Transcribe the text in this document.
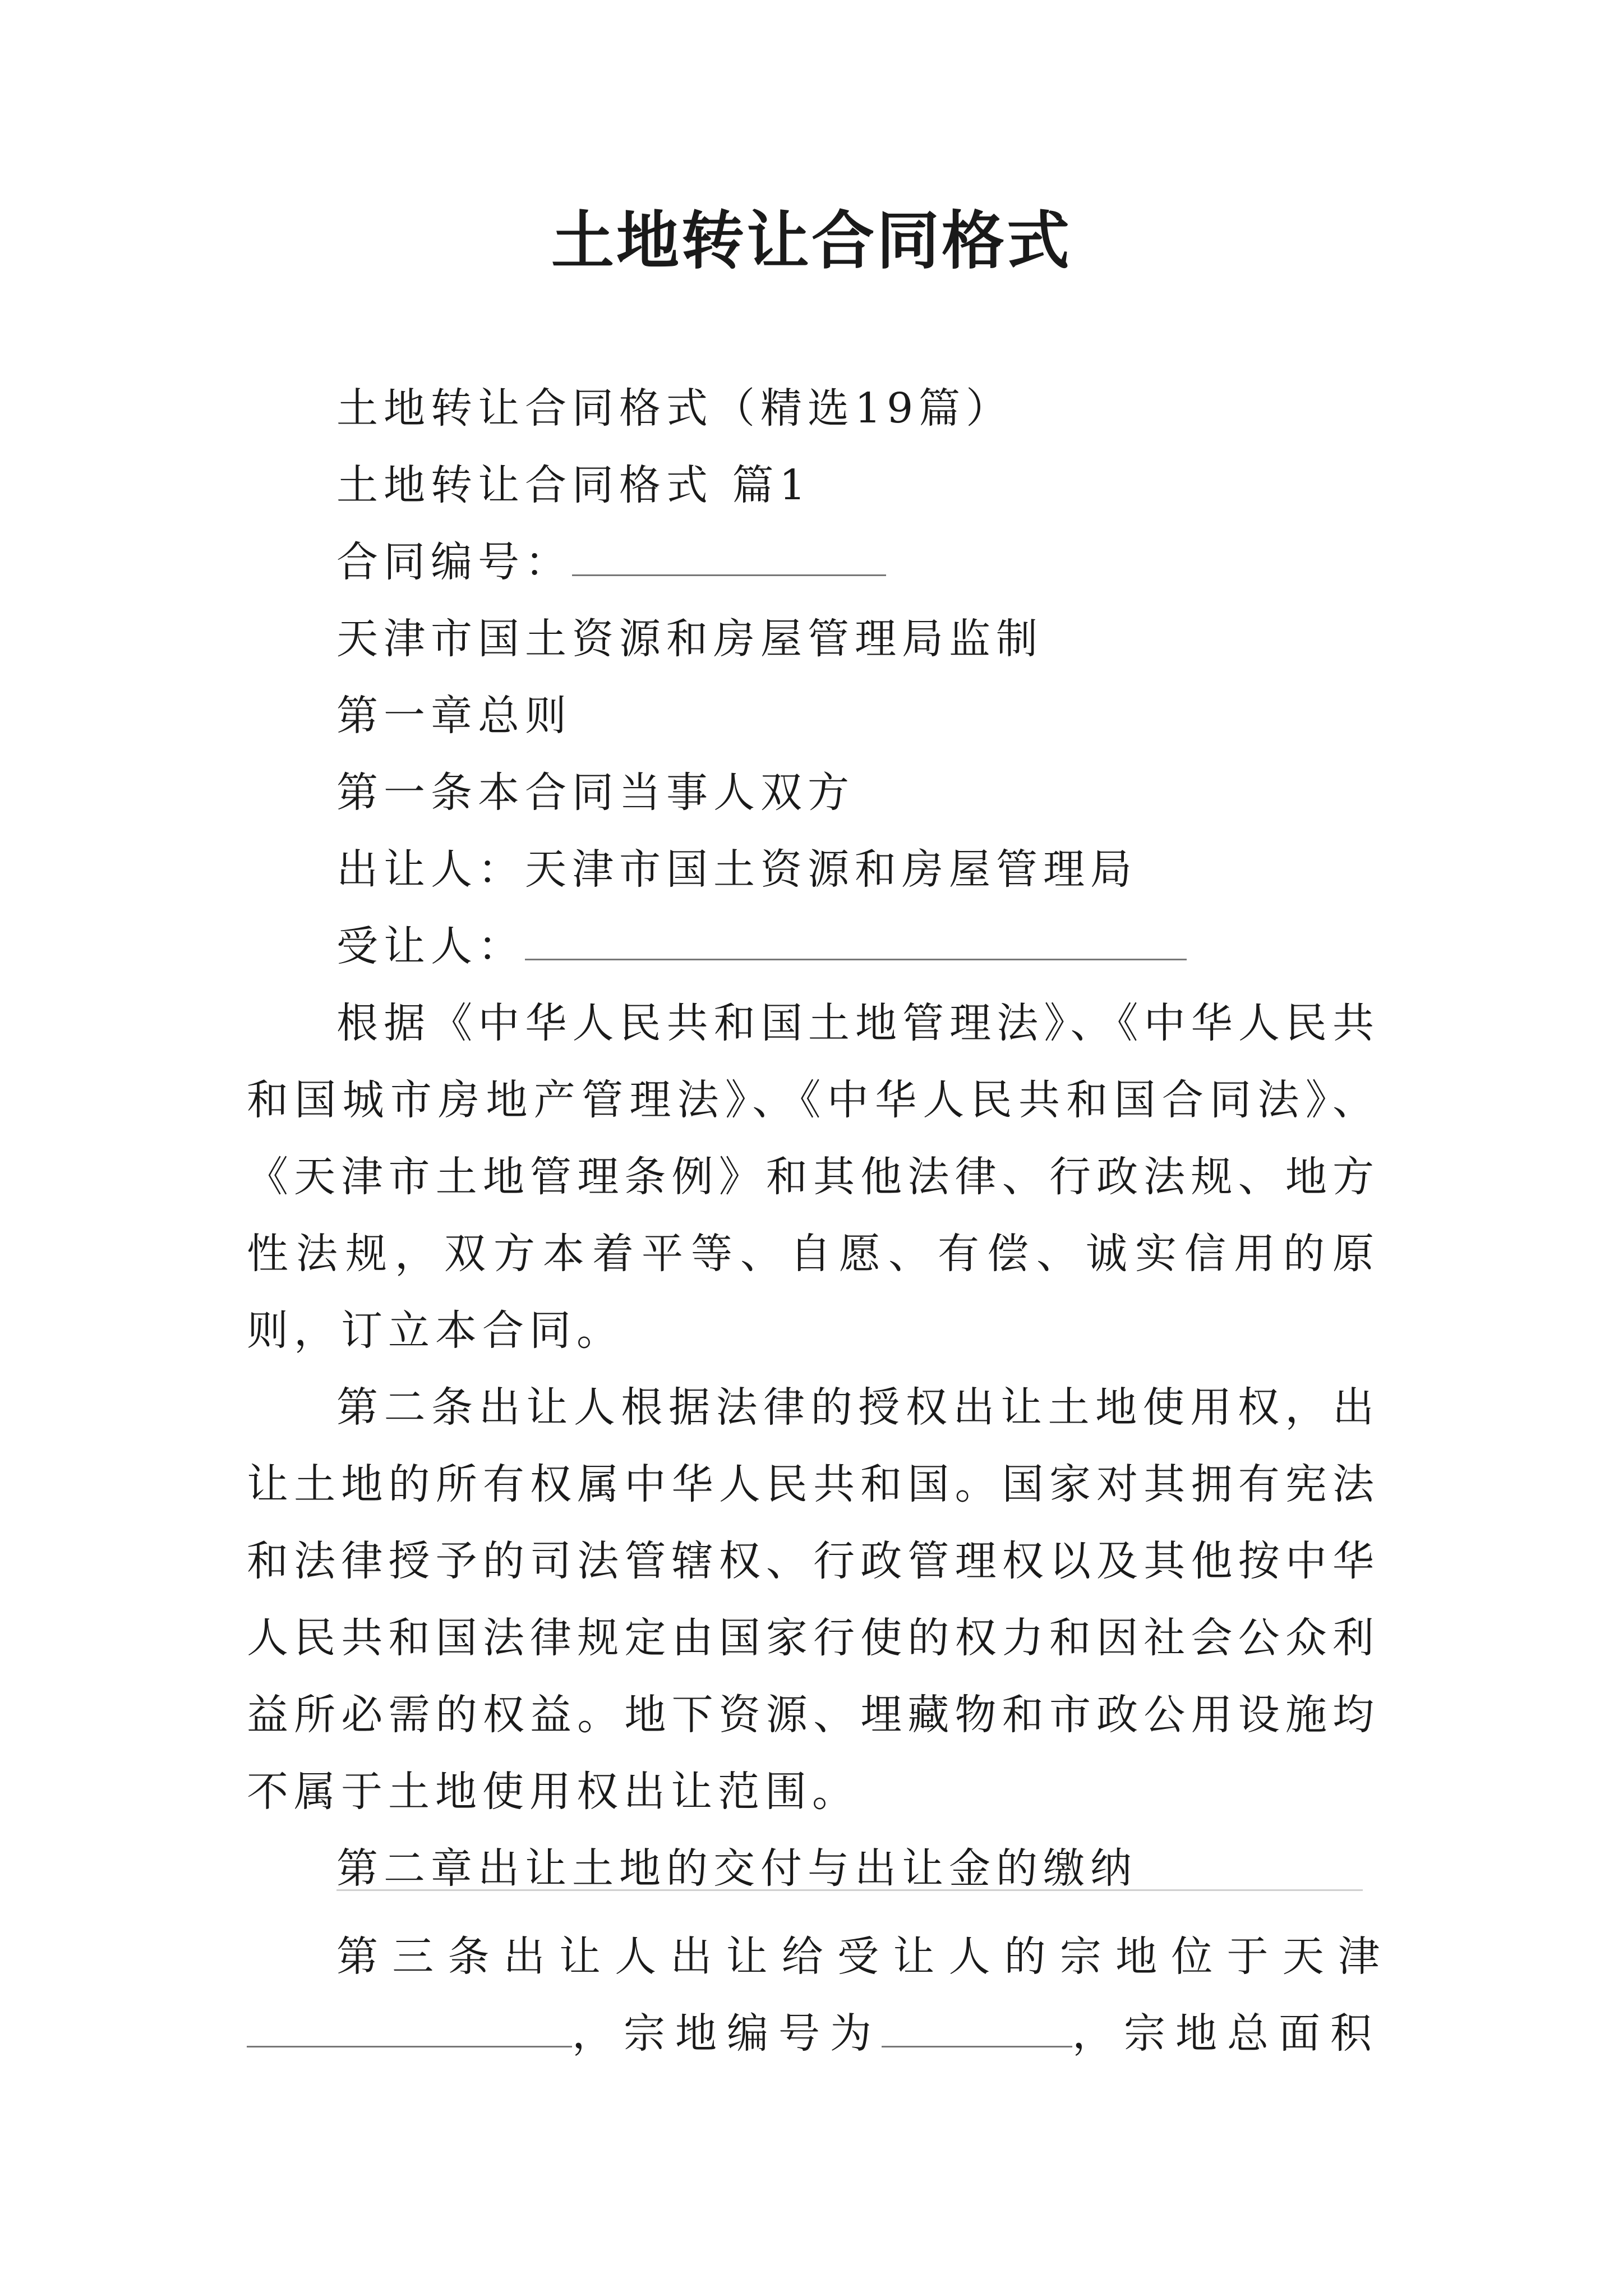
土地转让合同格式
土地转让合同格式（精选19篇）
土地转让合同格式 篇1
合同编号：
天津市国土资源和房屋管理局监制
第一章总则
第一条本合同当事人双方
出让人：天津市国土资源和房屋管理局
受让人：
根据《中华人民共和国土地管理法》、《中华人民共和国城市房地产管理法》、《中华人民共和国合同法》、《天津市土地管理条例》和其他法律、行政法规、地方性法规，双方本着平等、自愿、有偿、诚实信用的原则，订立本合同。
第二条出让人根据法律的授权出让土地使用权，出让土地的所有权属中华人民共和国。国家对其拥有宪法和法律授予的司法管辖权、行政管理权以及其他按中华人民共和国法律规定由国家行使的权力和因社会公众利益所必需的权益。地下资源、埋藏物和市政公用设施均不属于土地使用权出让范围。
第二章出让土地的交付与出让金的缴纳
第三条出让人出让给受让人的宗地位于天津
，宗地编号为	，宗地总面积
